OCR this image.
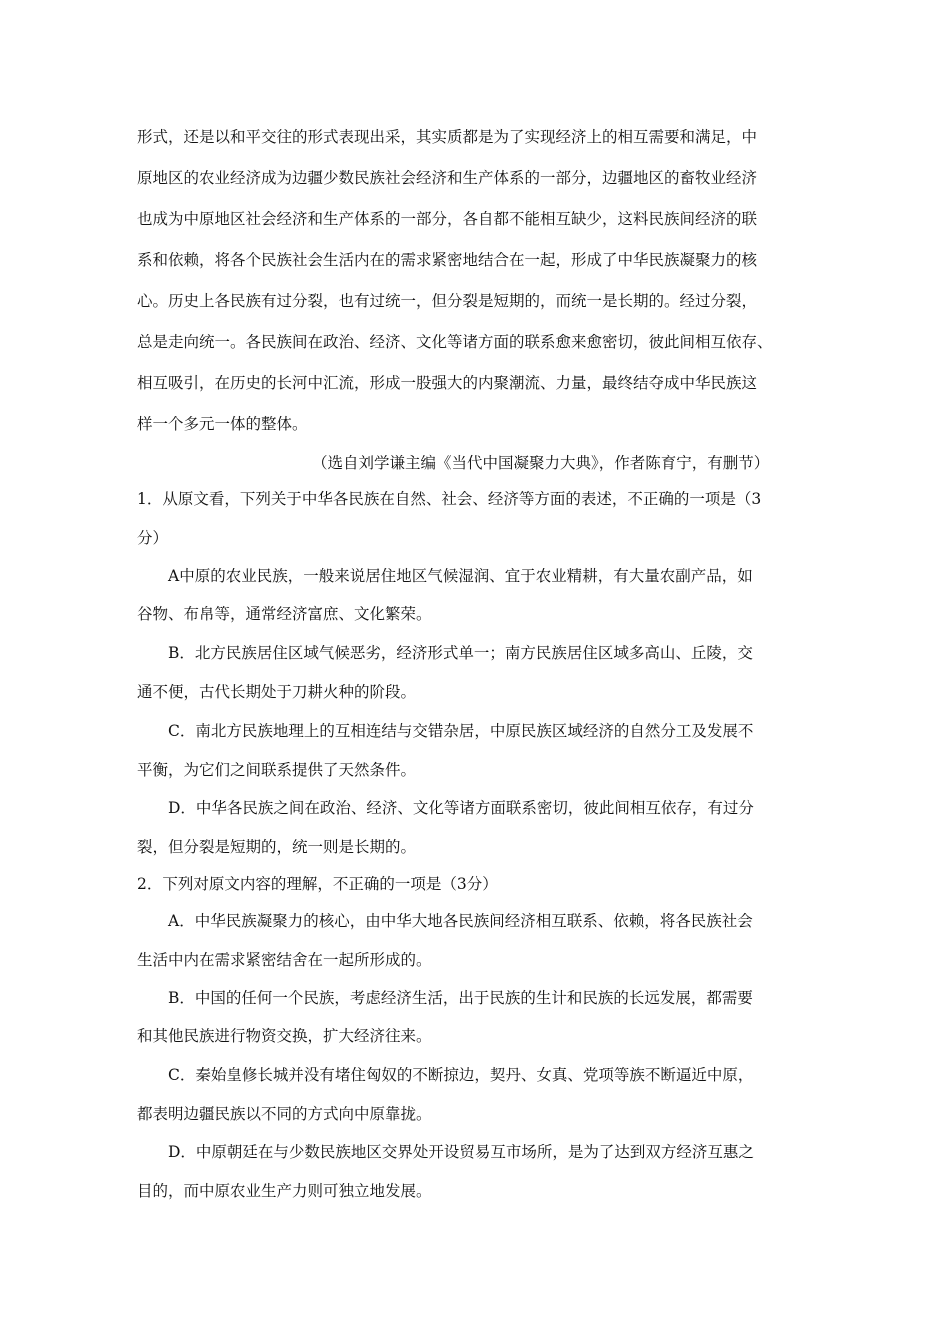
形式，还是以和平交往的形式表现出采，其实质都是为了实现经济上的相互需要和满足，中
原地区的农业经济成为边疆少数民族社会经济和生产体系的一部分，边疆地区的畜牧业经济
也成为中原地区社会经济和生产体系的一部分，各自都不能相互缺少，这料民族间经济的联
系和依赖，将各个民族社会生活内在的需求紧密地结合在一起，形成了中华民族凝聚力的核
心。历史上各民族有过分裂，也有过统一，但分裂是短期的，而统一是长期的。经过分裂，
总是走向统一。各民族间在政治、经济、文化等诸方面的联系愈来愈密切，彼此间相互依存、
相互吸引，在历史的长河中汇流，形成一股强大的内聚潮流、力量，最终结夺成中华民族这
样一个多元一体的整体。
（选自刘学谦主编《当代中国凝聚力大典》，作者陈育宁，有删节）
1．从原文看，下列关于中华各民族在自然、社会、经济等方面的表述，不正确的一项是（3
分）
A中原的农业民族，一般来说居住地区气候湿润、宜于农业精耕，有大量农副产品，如
谷物、布帛等，通常经济富庶、文化繁荣。
B．北方民族居住区域气候恶劣，经济形式单一；南方民族居住区域多高山、丘陵，交
通不便，古代长期处于刀耕火种的阶段。
C．南北方民族地理上的互相连结与交错杂居，中原民族区域经济的自然分工及发展不
平衡，为它们之间联系提供了天然条件。
D．中华各民族之间在政治、经济、文化等诸方面联系密切，彼此间相互依存，有过分
裂，但分裂是短期的，统一则是长期的。
2．下列对原文内容的理解，不正确的一项是（3分）
A．中华民族凝聚力的核心，由中华大地各民族间经济相互联系、依赖，将各民族社会
生活中内在需求紧密结舍在一起所形成的。
B．中国的任何一个民族，考虑经济生活，出于民族的生计和民族的长远发展，都需要
和其他民族进行物资交换，扩大经济往来。
C．秦始皇修长城并没有堵住匈奴的不断掠边，契丹、女真、党项等族不断逼近中原，
都表明边疆民族以不同的方式向中原靠拢。
D．中原朝廷在与少数民族地区交界处开设贸易互市场所，是为了达到双方经济互惠之
目的，而中原农业生产力则可独立地发展。
